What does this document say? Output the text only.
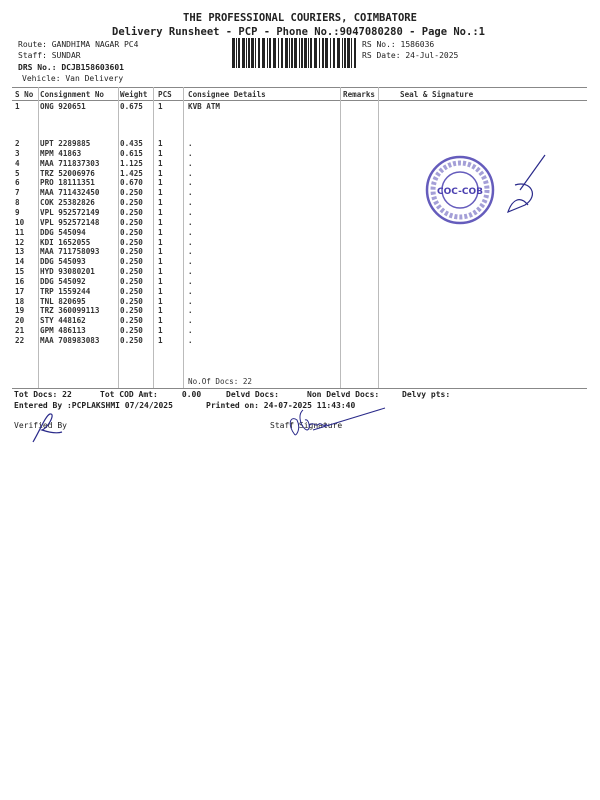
THE PROFESSIONAL COURIERS, COIMBATORE
Delivery Runsheet - PCP - Phone No.:9047080280 - Page No.:1
Route: GANDHIMA NAGAR PC4
Staff: SUNDAR
DRS No.: DCJB158603601
Vehicle: Van Delivery
RS No.: 1586036
RS Date: 24-Jul-2025
S No Consignment No Weight PCS Consignee Details	Remarks	Seal & Signature
1	ONG 920651	0.675 1	KVB ATM
2	UPT 2289885	0.435 1	.
3	MPM 41863	0.615 1	.
4	MAA 711837303	1.125 1	.
5	TRZ 52006976	1.425 1	.
6	PRO 18111351	0.670 1	.
7	MAA 711432450	0.250 1	.
8	COK 25382826	0.250 1	.
9	VPL 952572149	0.250 1	.
10 VPL 952572148	0.250 1	.
11 DDG 545094	0.250 1	.
12 KDI 1652055	0.250 1	.
13 MAA 711758093	0.250 1	.
14 DDG 545093	0.250 1	.
15 HYD 93080201	0.250 1	.
16 DDG 545092	0.250 1	.
17 TRP 1559244	0.250 1	.
18 TNL 820695	0.250 1	.
19 TRZ 360099113	0.250 1	.
20 STY 448162	0.250 1	.
21 GPM 486113	0.250 1	.
22 MAA 708983083	0.250 1	.
No.Of Docs: 22
COC-COB
Tot Docs: 22	Tot COD Amt:     0.00	Delvd Docs:	Non Delvd Docs:	Delvy pts:
Entered By :PCPLAKSHMI 07/24/2025	Printed on: 24-07-2025 11:43:40
Verified By	Staff Signature
